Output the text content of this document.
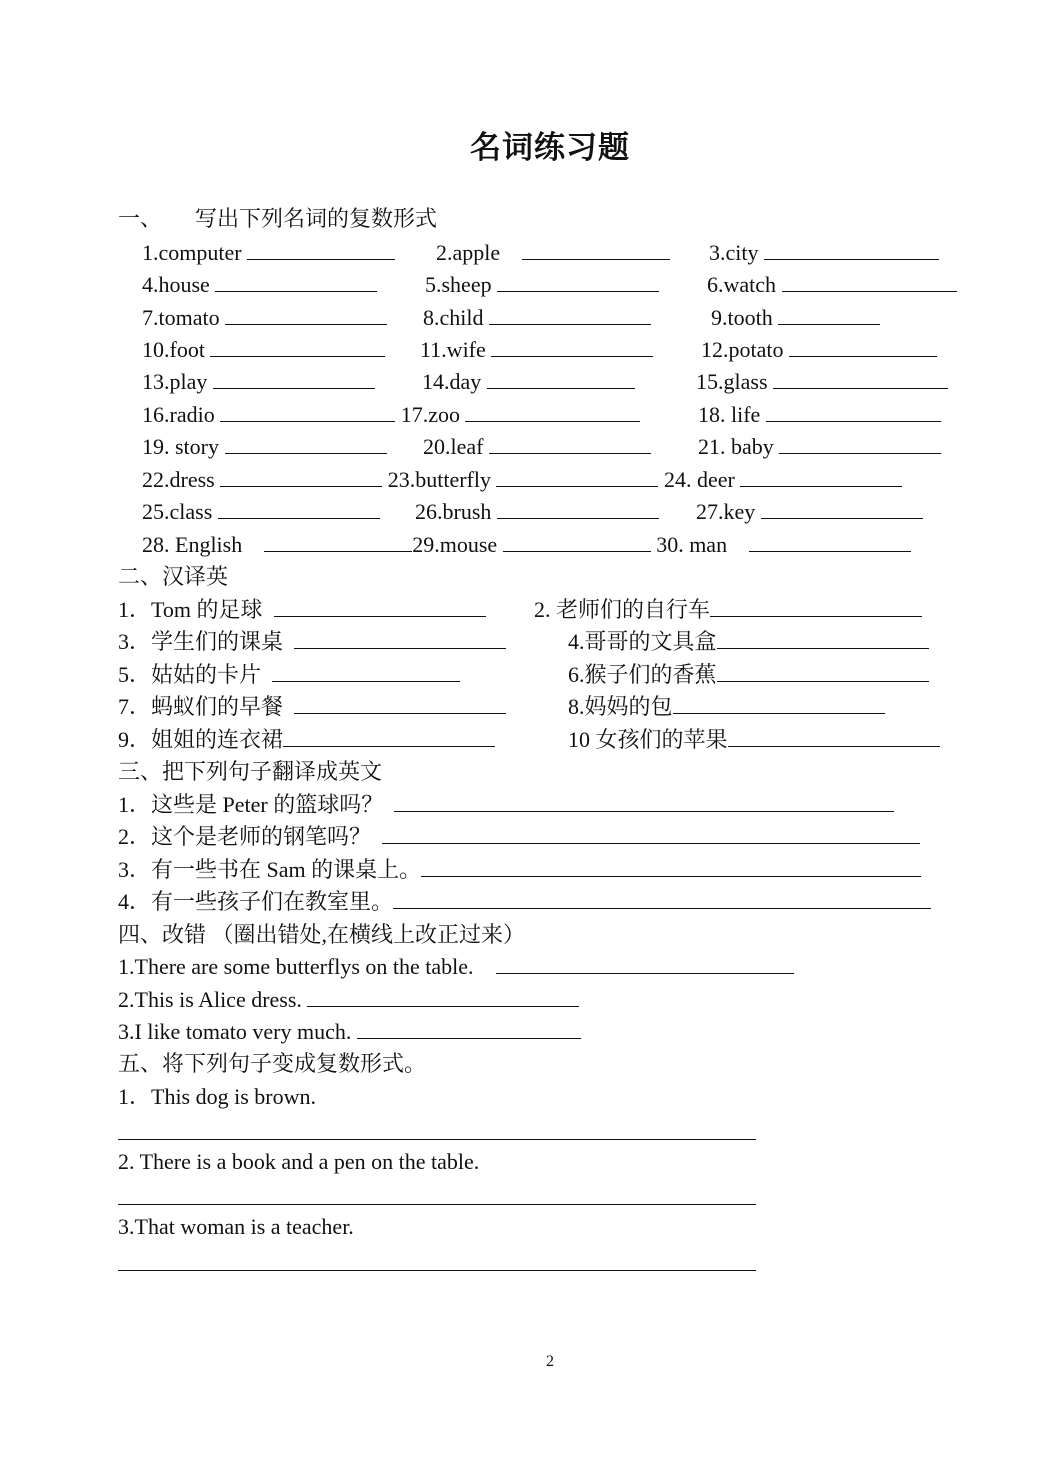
名词练习题
一、      写出下列名词的复数形式
1.computer	2.apple	3.city
4.house	5.sheep	6.watch
7.tomato	8.child	9.tooth
10.foot	11.wife	12.potato
13.play	14.day	15.glass
16.radio	17.zoo	18. life
19. story	20.leaf	21. baby
22.dress	23.butterfly	24. deer
25.class	26.brush	27.key
28. English	29.mouse	30. man
二、汉译英
1．Tom 的足球	2. 老师们的自行车
3．学生们的课桌	4.哥哥的文具盒
5．姑姑的卡片	6.猴子们的香蕉
7．蚂蚁们的早餐	8.妈妈的包
9．姐姐的连衣裙	10 女孩们的苹果
三、把下列句子翻译成英文
1．这些是 Peter 的篮球吗？
2．这个是老师的钢笔吗？
3．有一些书在 Sam 的课桌上。
4．有一些孩子们在教室里。
四、改错 （圈出错处,在横线上改正过来）
1.There are some butterflys on the table.
2.This is Alice dress.
3.I like tomato very much.
五、将下列句子变成复数形式。
1．This dog is brown.
2. There is a book and a pen on the table.
3.That woman is a teacher.
2
